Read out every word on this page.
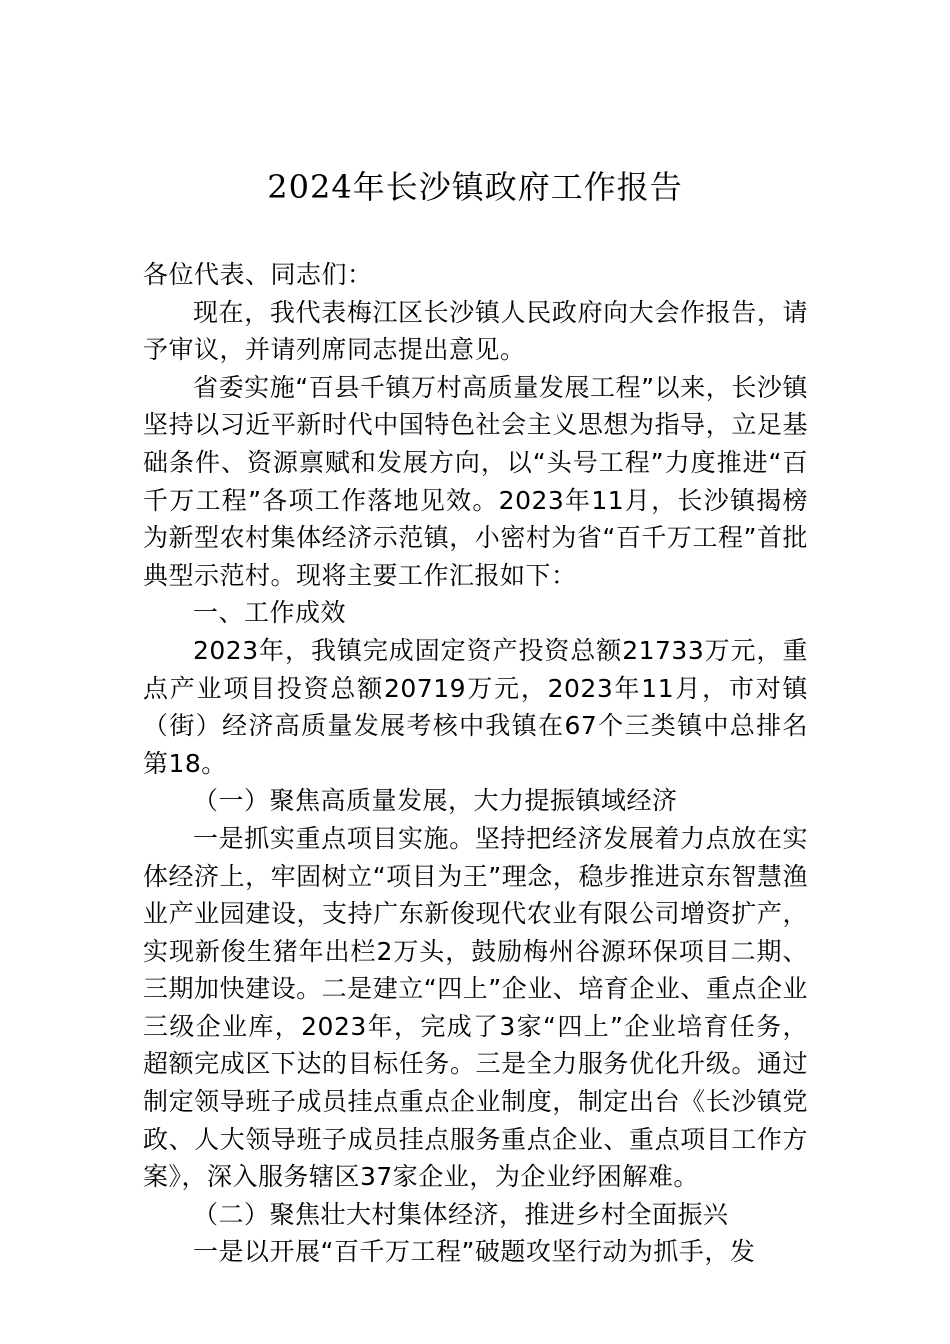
2024年长沙镇政府工作报告

各位代表、同志们：

现在，我代表梅江区长沙镇人民政府向大会作报告，请予审议，并请列席同志提出意见。

省委实施“百县千镇万村高质量发展工程”以来，长沙镇坚持以习近平新时代中国特色社会主义思想为指导，立足基础条件、资源禀赋和发展方向，以“头号工程”力度推进“百千万工程”各项工作落地见效。2023年11月，长沙镇揭榜为新型农村集体经济示范镇，小密村为省“百千万工程”首批典型示范村。现将主要工作汇报如下：

一、工作成效

2023年，我镇完成固定资产投资总额21733万元，重点产业项目投资总额20719万元，2023年11月，市对镇（街）经济高质量发展考核中我镇在67个三类镇中总排名第18。

（一）聚焦高质量发展，大力提振镇域经济

一是抓实重点项目实施。坚持把经济发展着力点放在实体经济上，牢固树立“项目为王”理念，稳步推进京东智慧渔业产业园建设，支持广东新俊现代农业有限公司增资扩产，实现新俊生猪年出栏2万头，鼓励梅州谷源环保项目二期、三期加快建设。二是建立“四上”企业、培育企业、重点企业三级企业库，2023年，完成了3家“四上”企业培育任务，超额完成区下达的目标任务。三是全力服务优化升级。通过制定领导班子成员挂点重点企业制度，制定出台《长沙镇党政、人大领导班子成员挂点服务重点企业、重点项目工作方案》，深入服务辖区37家企业，为企业纾困解难。

（二）聚焦壮大村集体经济，推进乡村全面振兴

一是以开展“百千万工程”破题攻坚行动为抓手，发
